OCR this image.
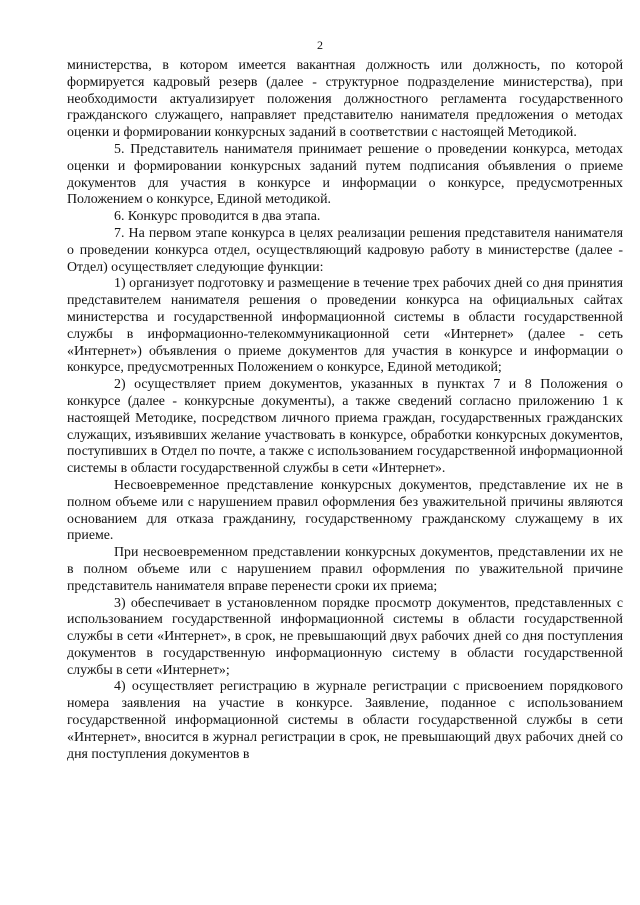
2

министерства, в котором имеется вакантная должность или должность, по которой формируется кадровый резерв (далее - структурное подразделение министерства), при необходимости актуализирует положения должностного регламента государственного гражданского служащего, направляет представителю нанимателя предложения о методах оценки и формировании конкурсных заданий в соответствии с настоящей Методикой.

5. Представитель нанимателя принимает решение о проведении конкурса, методах оценки и формировании конкурсных заданий путем подписания объявления о приеме документов для участия в конкурсе и информации о конкурсе, предусмотренных Положением о конкурсе, Единой методикой.

6. Конкурс проводится в два этапа.

7. На первом этапе конкурса в целях реализации решения представителя нанимателя о проведении конкурса отдел, осуществляющий кадровую работу в министерстве (далее - Отдел) осуществляет следующие функции:

1) организует подготовку и размещение в течение трех рабочих дней со дня принятия представителем нанимателя решения о проведении конкурса на официальных сайтах министерства и государственной информационной системы в области государственной службы в информационно-телекоммуникационной сети «Интернет» (далее - сеть «Интернет») объявления о приеме документов для участия в конкурсе и информации о конкурсе, предусмотренных Положением о конкурсе, Единой методикой;

2) осуществляет прием документов, указанных в пунктах 7 и 8 Положения о конкурсе (далее - конкурсные документы), а также сведений согласно приложению 1 к настоящей Методике, посредством личного приема граждан, государственных гражданских служащих, изъявивших желание участвовать в конкурсе, обработки конкурсных документов, поступивших в Отдел по почте, а также с использованием государственной информационной системы в области государственной службы в сети «Интернет».

Несвоевременное представление конкурсных документов, представление их не в полном объеме или с нарушением правил оформления без уважительной причины являются основанием для отказа гражданину, государственному гражданскому служащему в их приеме.

При несвоевременном представлении конкурсных документов, представлении их не в полном объеме или с нарушением правил оформления по уважительной причине представитель нанимателя вправе перенести сроки их приема;

3) обеспечивает в установленном порядке просмотр документов, представленных с использованием государственной информационной системы в области государственной службы в сети «Интернет», в срок, не превышающий двух рабочих дней со дня поступления документов в государственную информационную систему в области государственной службы в сети «Интернет»;

4) осуществляет регистрацию в журнале регистрации с присвоением порядкового номера заявления на участие в конкурсе. Заявление, поданное с использованием государственной информационной системы в области государственной службы в сети «Интернет», вносится в журнал регистрации в срок, не превышающий двух рабочих дней со дня поступления документов в
